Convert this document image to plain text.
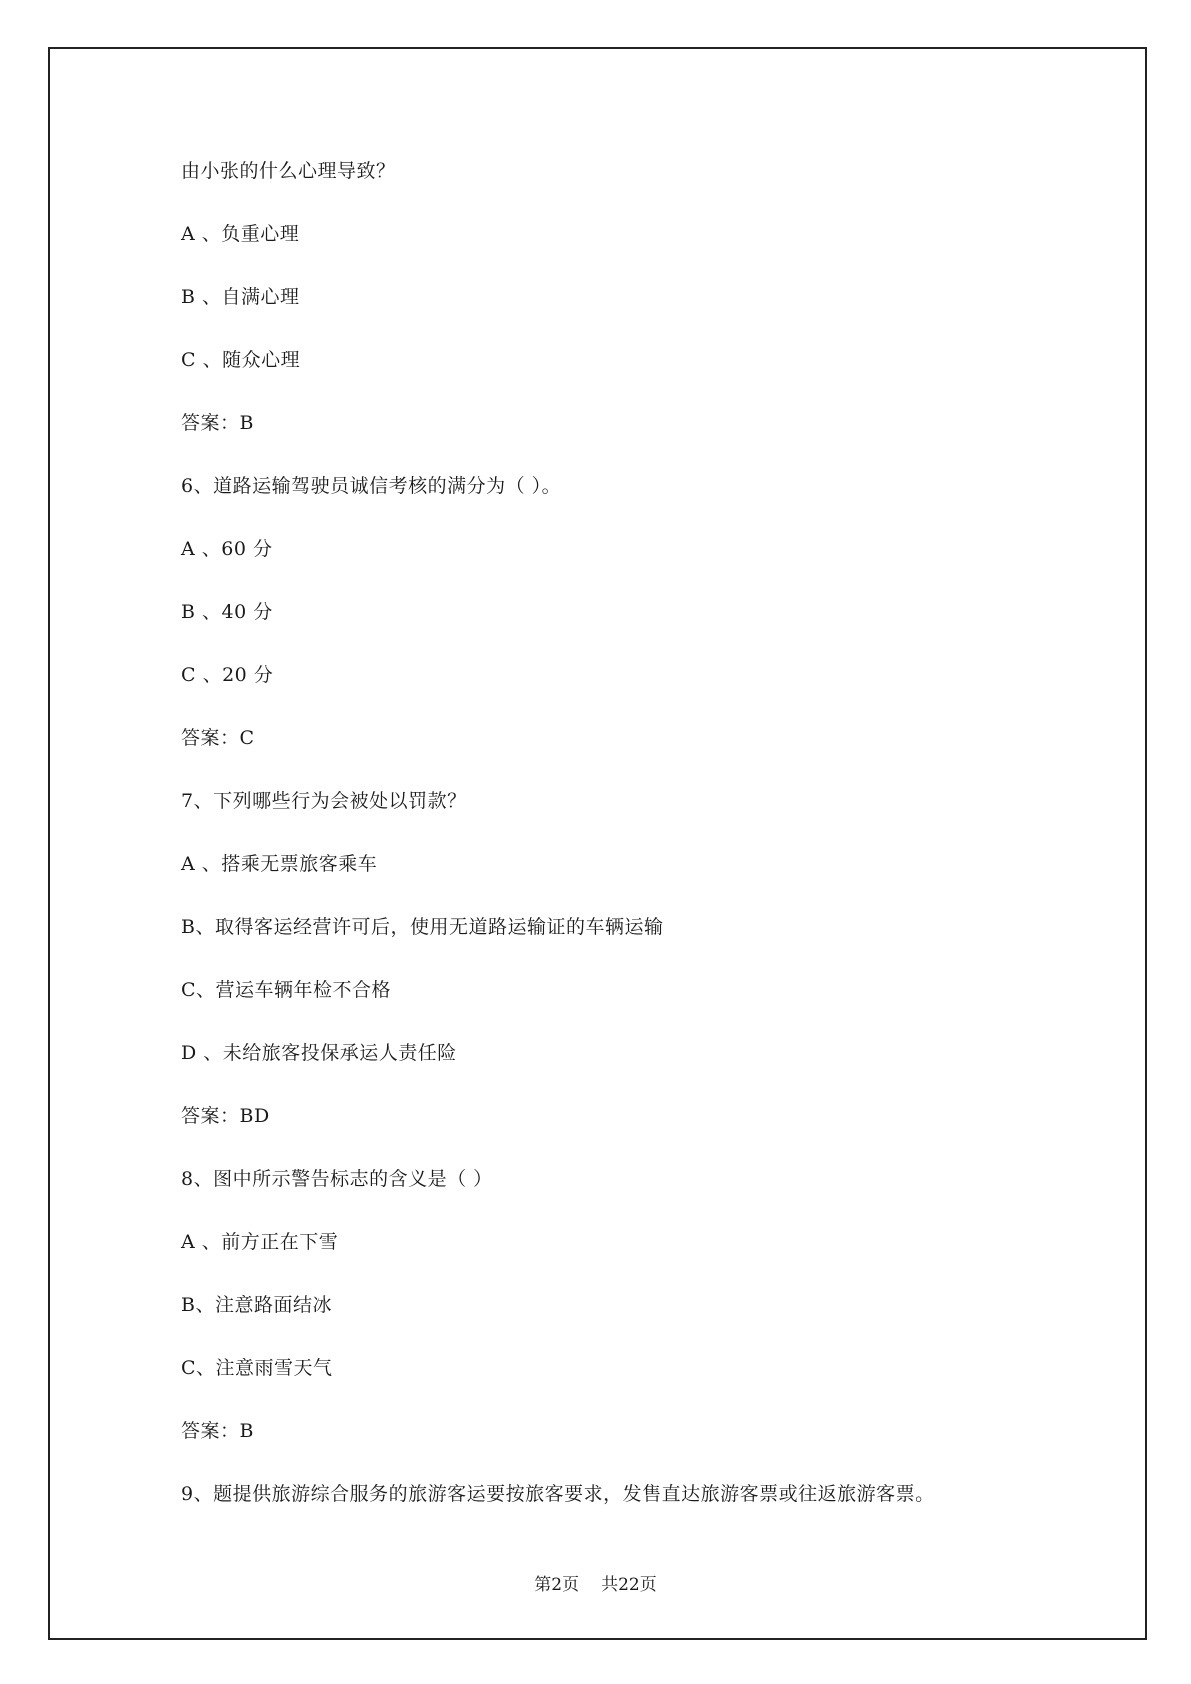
由小张的什么心理导致？
A 、负重心理
B 、自满心理
C 、随众心理
答案：B
6、道路运输驾驶员诚信考核的满分为（ ）。
A 、60 分
B 、40 分
C 、20 分
答案：C
7、下列哪些行为会被处以罚款？
A 、搭乘无票旅客乘车
B、取得客运经营许可后，使用无道路运输证的车辆运输
C、营运车辆年检不合格
D 、未给旅客投保承运人责任险
答案：BD
8、图中所示警告标志的含义是（ ）
A 、前方正在下雪
B、注意路面结冰
C、注意雨雪天气
答案：B
9、题提供旅游综合服务的旅游客运要按旅客要求，发售直达旅游客票或往返旅游客票。
第2页 共22页
